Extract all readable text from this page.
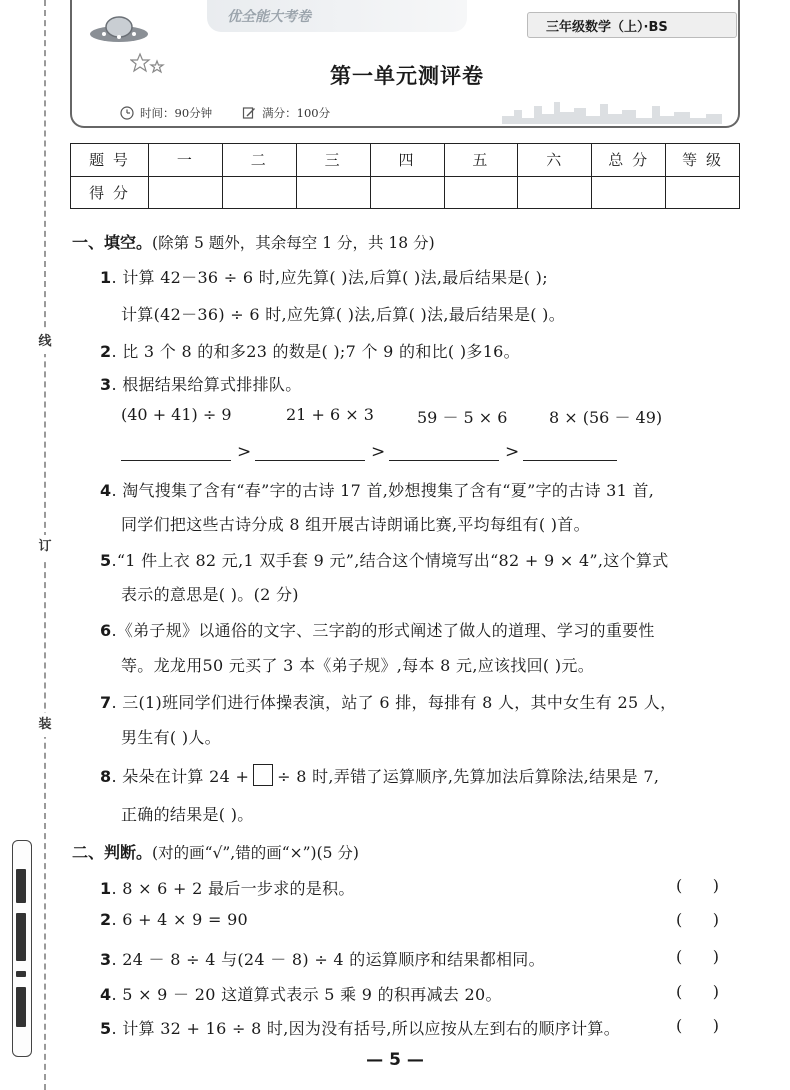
线
订
装
优全能大考卷
三年级数学（上）·BS
第一单元测评卷
时间：90分钟	满分：100分
题 号	一	二	三	四	五	六	总 分	等 级
得 分								
一、填空。(除第 5 题外，其余每空 1 分，共 18 分)
1. 计算 42－36 ÷ 6 时,应先算( )法,后算( )法,最后结果是( );
计算(42－36) ÷ 6 时,应先算( )法,后算( )法,最后结果是( )。
2. 比 3 个 8 的和多23 的数是( );7 个 9 的和比( )多16。
3. 根据结果给算式排排队。
(40 + 41) ÷ 9	21 + 6 × 3	59 － 5 × 6	8 × (56 － 49)
>	>	>
4. 淘气搜集了含有“春”字的古诗 17 首,妙想搜集了含有“夏”字的古诗 31 首,
同学们把这些古诗分成 8 组开展古诗朗诵比赛,平均每组有( )首。
5.“1 件上衣 82 元,1 双手套 9 元”,结合这个情境写出“82 + 9 × 4”,这个算式
表示的意思是( )。(2 分)
6.《弟子规》以通俗的文字、三字韵的形式阐述了做人的道理、学习的重要性
等。龙龙用50 元买了 3 本《弟子规》,每本 8 元,应该找回( )元。
7. 三(1)班同学们进行体操表演，站了 6 排，每排有 8 人，其中女生有 25 人，
男生有( )人。
8. 朵朵在计算 24 + ÷ 8 时,弄错了运算顺序,先算加法后算除法,结果是 7,
正确的结果是( )。
二、判断。(对的画“√”,错的画“×”)(5 分)
1. 8 × 6 + 2 最后一步求的是积。	(      )
2. 6 + 4 × 9 = 90	(      )
3. 24 － 8 ÷ 4 与(24 － 8) ÷ 4 的运算顺序和结果都相同。	(      )
4. 5 × 9 － 20 这道算式表示 5 乘 9 的积再减去 20。	(      )
5. 计算 32 + 16 ÷ 8 时,因为没有括号,所以应按从左到右的顺序计算。	(      )
— 5 —
